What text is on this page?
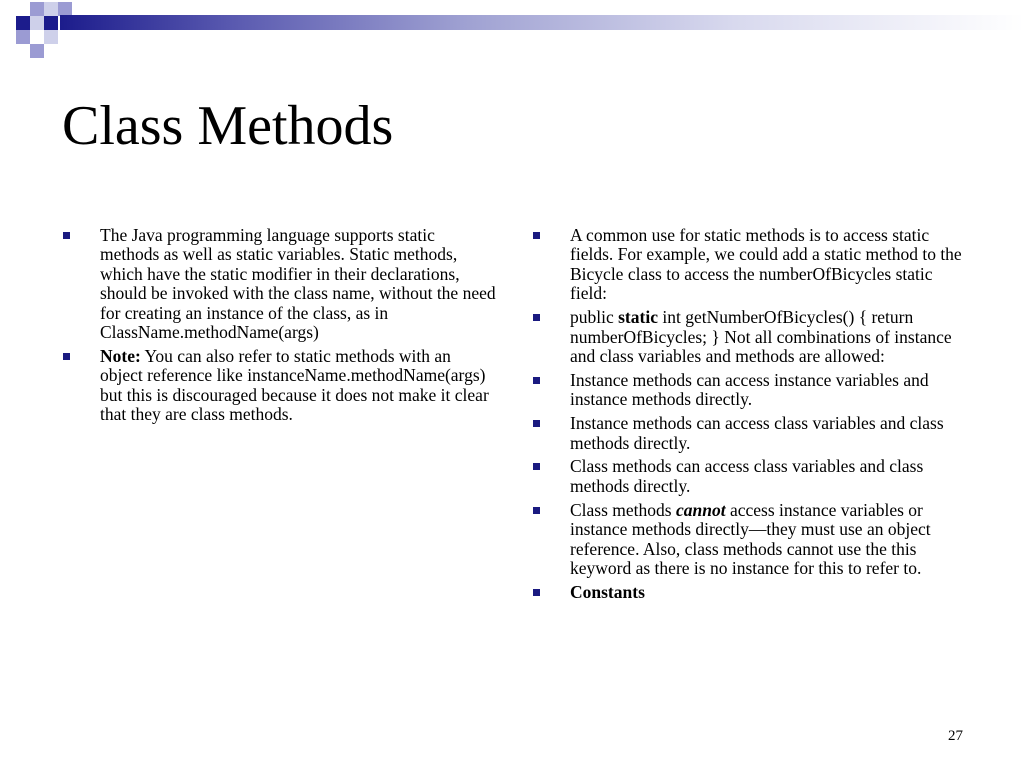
Class Methods
The Java programming language supports static methods as well as static variables. Static methods, which have the static modifier in their declarations, should be invoked with the class name, without the need for creating an instance of the class, as in ClassName.methodName(args)
Note: You can also refer to static methods with an object reference like instanceName.methodName(args) but this is discouraged because it does not make it clear that they are class methods.
A common use for static methods is to access static fields. For example, we could add a static method to the Bicycle class to access the numberOfBicycles static field:
public static int getNumberOfBicycles() { return numberOfBicycles; } Not all combinations of instance and class variables and methods are allowed:
Instance methods can access instance variables and instance methods directly.
Instance methods can access class variables and class methods directly.
Class methods can access class variables and class methods directly.
Class methods cannot access instance variables or instance methods directly—they must use an object reference. Also, class methods cannot use the this keyword as there is no instance for this to refer to.
Constants
27
